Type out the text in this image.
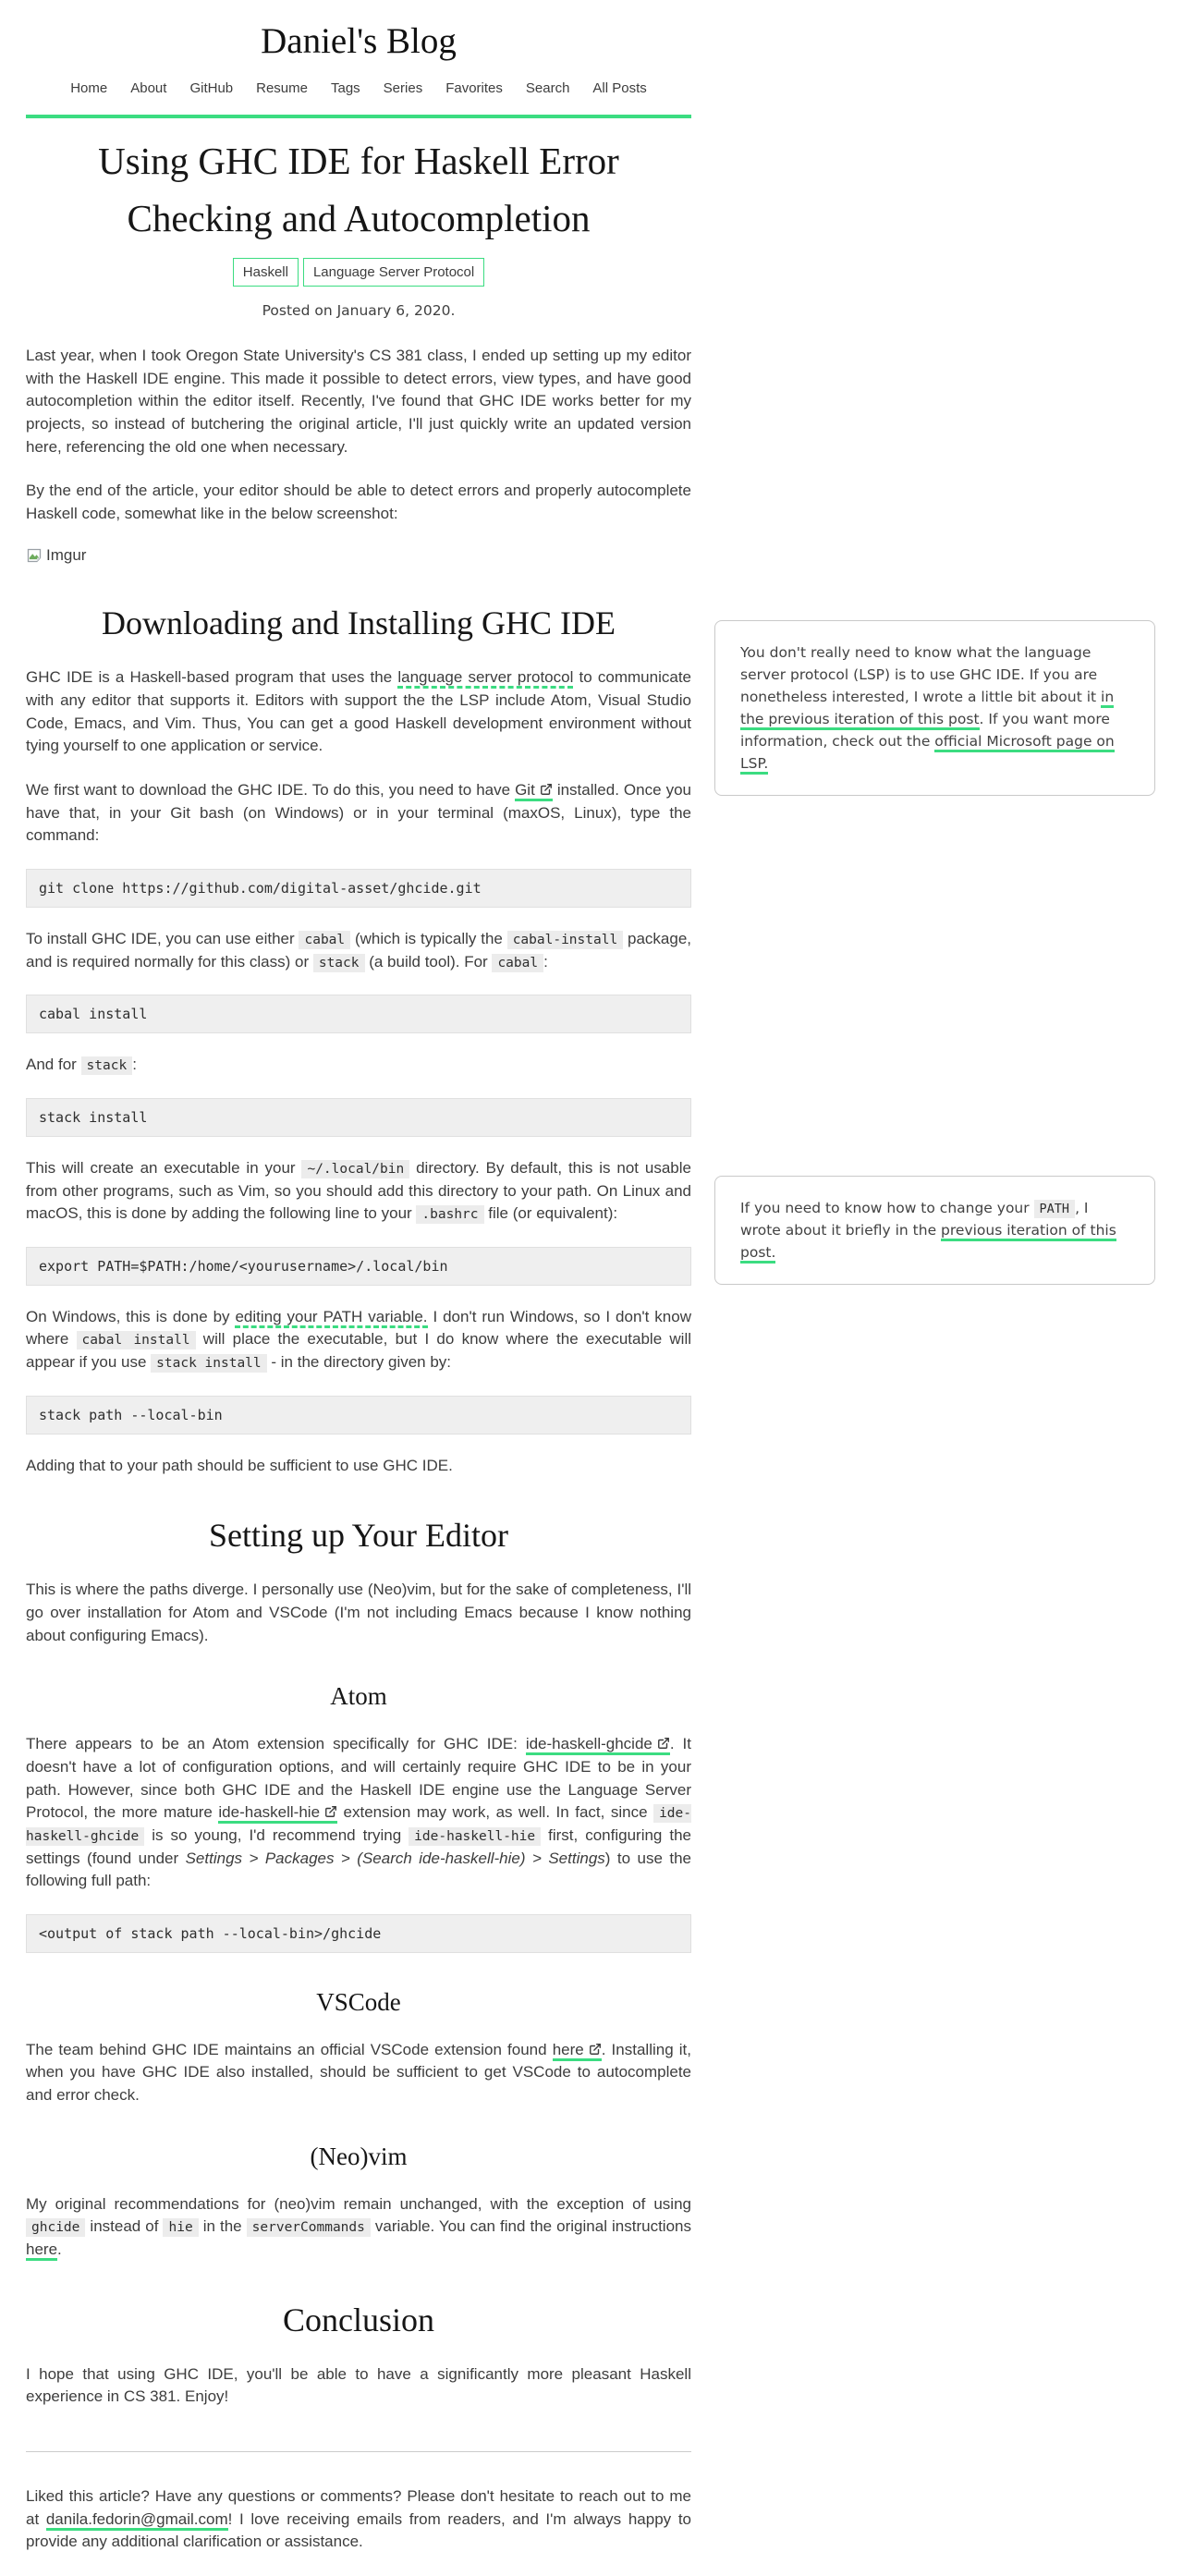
Daniel's Blog
Home About GitHub Resume Tags Series Favorites Search All Posts
Using GHC IDE for Haskell Error Checking and Autocompletion
Haskell	Language Server Protocol

Posted on January 6, 2020.

Last year, when I took Oregon State University's CS 381 class, I ended up setting up my editor with the Haskell IDE engine. This made it possible to detect errors, view types, and have good autocompletion within the editor itself. Recently, I've found that GHC IDE works better for my projects, so instead of butchering the original article, I'll just quickly write an updated version here, referencing the old one when necessary.

By the end of the article, your editor should be able to detect errors and properly autocomplete Haskell code, somewhat like in the below screenshot:

Imgur
Downloading and Installing GHC IDE

GHC IDE is a Haskell-based program that uses the language server protocol to communicate with any editor that supports it. Editors with support the the LSP include Atom, Visual Studio Code, Emacs, and Vim. Thus, You can get a good Haskell development environment without tying yourself to one application or service.

We first want to download the GHC IDE. To do this, you need to have Git installed. Once you have that, in your Git bash (on Windows) or in your terminal (maxOS, Linux), type the command:

git clone https://github.com/digital-asset/ghcide.git

To install GHC IDE, you can use either cabal (which is typically the cabal-install package, and is required normally for this class) or stack (a build tool). For cabal :

cabal install

And for stack :

stack install

This will create an executable in your ~/.local/bin directory. By default, this is not usable from other programs, such as Vim, so you should add this directory to your path. On Linux and macOS, this is done by adding the following line to your .bashrc file (or equivalent):

export PATH=$PATH:/home/<yourusername>/.local/bin

On Windows, this is done by editing your PATH variable. I don't run Windows, so I don't know where cabal install will place the executable, but I do know where the executable will appear if you use stack install - in the directory given by:

stack path --local-bin

Adding that to your path should be sufficient to use GHC IDE.

Setting up Your Editor

This is where the paths diverge. I personally use (Neo)vim, but for the sake of completeness, I'll go over installation for Atom and VSCode (I'm not including Emacs because I know nothing about configuring Emacs).

Atom

There appears to be an Atom extension specifically for GHC IDE: ide-haskell-ghcide . It doesn't have a lot of configuration options, and will certainly require GHC IDE to be in your path. However, since both GHC IDE and the Haskell IDE engine use the Language Server Protocol, the more mature ide-haskell-hie extension may work, as well. In fact, since ide-haskell-ghcide is so young, I'd recommend trying ide-haskell-hie first, configuring the settings (found under Settings > Packages > (Search ide-haskell-hie) > Settings) to use the following full path:

<output of stack path --local-bin>/ghcide
VSCode

The team behind GHC IDE maintains an official VSCode extension found here . Installing it, when you have GHC IDE also installed, should be sufficient to get VSCode to autocomplete and error check.

(Neo)vim

My original recommendations for (neo)vim remain unchanged, with the exception of using ghcide instead of hie in the serverCommands variable. You can find the original instructions here.

Conclusion

I hope that using GHC IDE, you'll be able to have a significantly more pleasant Haskell experience in CS 381. Enjoy!

Liked this article? Have any questions or comments? Please don't hesitate to reach out to me at danila.fedorin@gmail.com! I love receiving emails from readers, and I'm always happy to provide any additional clarification or assistance.

You don't really need to know what the language server protocol (LSP) is to use GHC IDE. If you are nonetheless interested, I wrote a little bit about it in the previous iteration of this post. If you want more information, check out the official Microsoft page on LSP.
If you need to know how to change your PATH , I wrote about it briefly in the previous iteration of this post.
